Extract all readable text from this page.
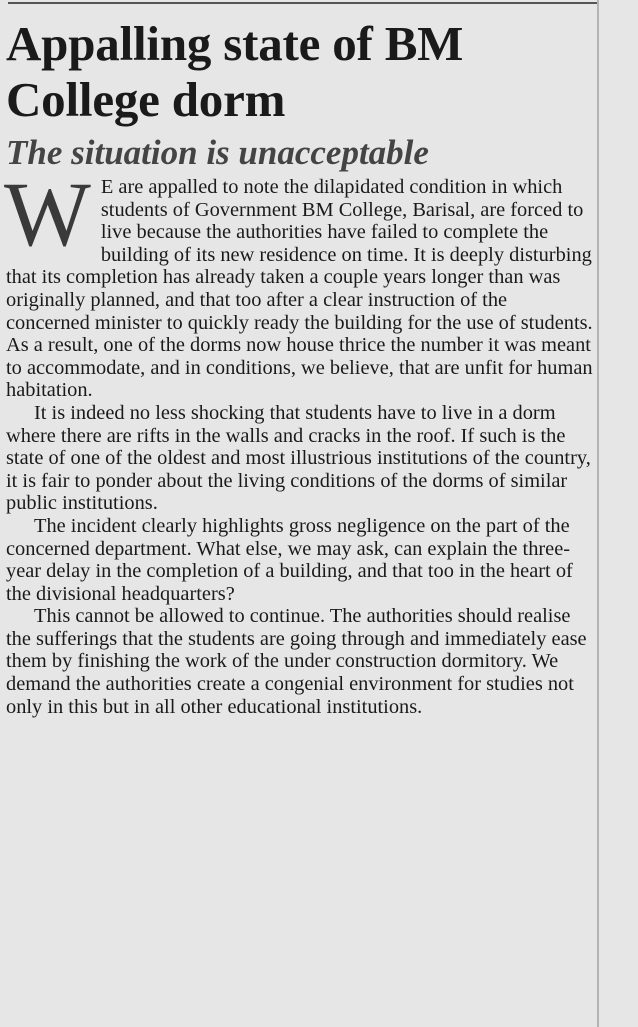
Appalling state of BM College dorm
The situation is unacceptable

W E are appalled to note the dilapidated condition in which students of Government BM College, Barisal, are forced to live because the authorities have failed to complete the building of its new residence on time. It is deeply disturbing that its completion has already taken a couple years longer than was originally planned, and that too after a clear instruction of the concerned minister to quickly ready the building for the use of students. As a result, one of the dorms now house thrice the number it was meant to accommodate, and in conditions, we believe, that are unfit for human habitation.

It is indeed no less shocking that students have to live in a dorm where there are rifts in the walls and cracks in the roof. If such is the state of one of the oldest and most illustrious institutions of the country, it is fair to ponder about the living conditions of the dorms of similar public institutions.

The incident clearly highlights gross negligence on the part of the concerned department. What else, we may ask, can explain the three-year delay in the completion of a building, and that too in the heart of the divisional headquarters?

This cannot be allowed to continue. The authorities should realise the sufferings that the students are going through and immediately ease them by finishing the work of the under construction dormitory. We demand the authorities create a congenial environment for studies not only in this but in all other educational institutions.
